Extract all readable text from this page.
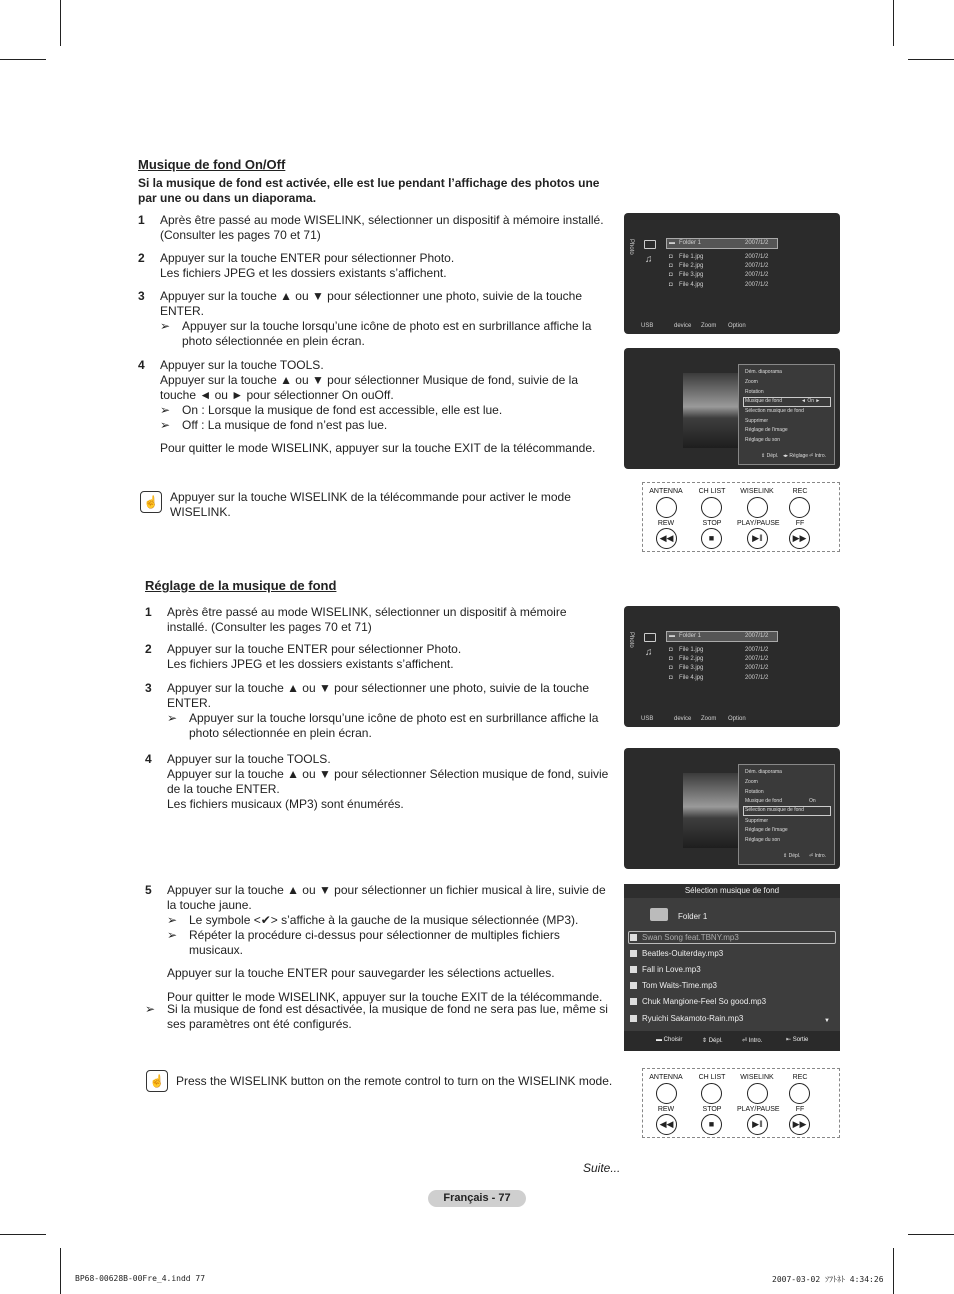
Musique de fond On/Off
Si la musique de fond est activée, elle est lue pendant l’affichage des photos une par une ou dans un diaporama.
1 Après être passé au mode WISELINK, sélectionner un dispositif à mémoire installé. (Consulter les pages 70 et 71)
2 Appuyer sur la touche ENTER pour sélectionner Photo.
Les fichiers JPEG et les dossiers existants s’affichent.
3 Appuyer sur la touche ▲ ou ▼ pour sélectionner une photo, suivie de la touche ENTER.
➢ Appuyer sur la touche lorsqu’une icône de photo est en surbrillance affiche la photo sélectionnée en plein écran.
4 Appuyer sur la touche TOOLS.
Appuyer sur la touche ▲ ou ▼ pour sélectionner Musique de fond, suivie de la touche ◄ ou ► pour sélectionner On ouOff.
➢ On : Lorsque la musique de fond est accessible, elle est lue.
➢ Off : La musique de fond n’est pas lue.
Pour quitter le mode WISELINK, appuyer sur la touche EXIT de la télécommande.
Photo
♫
▬ Folder 1	2007/1/2
◘ File 1.jpg	2007/1/2
◘ File 2.jpg	2007/1/2
◘ File 3.jpg	2007/1/2
◘ File 4.jpg	2007/1/2
USB	device Zoom Option
Dém. diaporama
Zoom
Rotation
Musique de fond	◄ On ►
Sélection musique de fond
Supprimer
Réglage de l'image
Réglage du son
⇕ Dépl. ◂▸ Réglage ⏎ Intro.
☝ Appuyer sur la touche WISELINK de la télécommande pour activer le mode WISELINK.
ANTENNA	CH LIST	WISELINK	REC
REW	STOP	PLAY/PAUSE	FF
◀◀	■	▶‖	▶▶
Réglage de la musique de fond
1 Après être passé au mode WISELINK, sélectionner un dispositif à mémoire installé. (Consulter les pages 70 et 71)
2 Appuyer sur la touche ENTER pour sélectionner Photo.
Les fichiers JPEG et les dossiers existants s’affichent.
3 Appuyer sur la touche ▲ ou ▼ pour sélectionner une photo, suivie de la touche ENTER.
➢ Appuyer sur la touche lorsqu’une icône de photo est en surbrillance affiche la photo sélectionnée en plein écran.
4 Appuyer sur la touche TOOLS.
Appuyer sur la touche ▲ ou ▼ pour sélectionner Sélection musique de fond, suivie de la touche ENTER.
Les fichiers musicaux (MP3) sont énumérés.
5 Appuyer sur la touche ▲ ou ▼ pour sélectionner un fichier musical à lire, suivie de la touche jaune.
➢ Le symbole <✔> s’affiche à la gauche de la musique sélectionnée (MP3).
➢ Répéter la procédure ci-dessus pour sélectionner de multiples fichiers musicaux.
Appuyer sur la touche ENTER pour sauvegarder les sélections actuelles.
Pour quitter le mode WISELINK, appuyer sur la touche EXIT de la télécommande.
➢ Si la musique de fond est désactivée, la musique de fond ne sera pas lue, même si ses paramètres ont été configurés.
Photo
♫
▬ Folder 1	2007/1/2
◘ File 1.jpg	2007/1/2
◘ File 2.jpg	2007/1/2
◘ File 3.jpg	2007/1/2
◘ File 4.jpg	2007/1/2
USB	device Zoom Option
Dém. diaporama
Zoom
Rotation
Musique de fond	On
Sélection musique de fond
Supprimer
Réglage de l'image
Réglage du son
⇕ Dépl. ⏎ Intro.
Sélection musique de fond
Folder 1
Swan Song feat.TBNY.mp3
Beatles-Ouiterday.mp3
Fall in Love.mp3
Tom Waits-Time.mp3
Chuk Mangione-Feel So good.mp3
Ryuichi Sakamoto-Rain.mp3	▼
▬ Choisir	⇕ Dépl.	⏎ Intro.	⇤ Sortie
☝ Press the WISELINK button on the remote control to turn on the WISELINK mode.	ANTENNA	CH LIST	WISELINK	REC
REW	STOP	PLAY/PAUSE	FF
◀◀	■	▶‖	▶▶
Suite...
Français - 77
BP68-00628B-00Fre_4.indd 77	2007-03-02 ｿﾌﾄﾈﾄ 4:34:26
